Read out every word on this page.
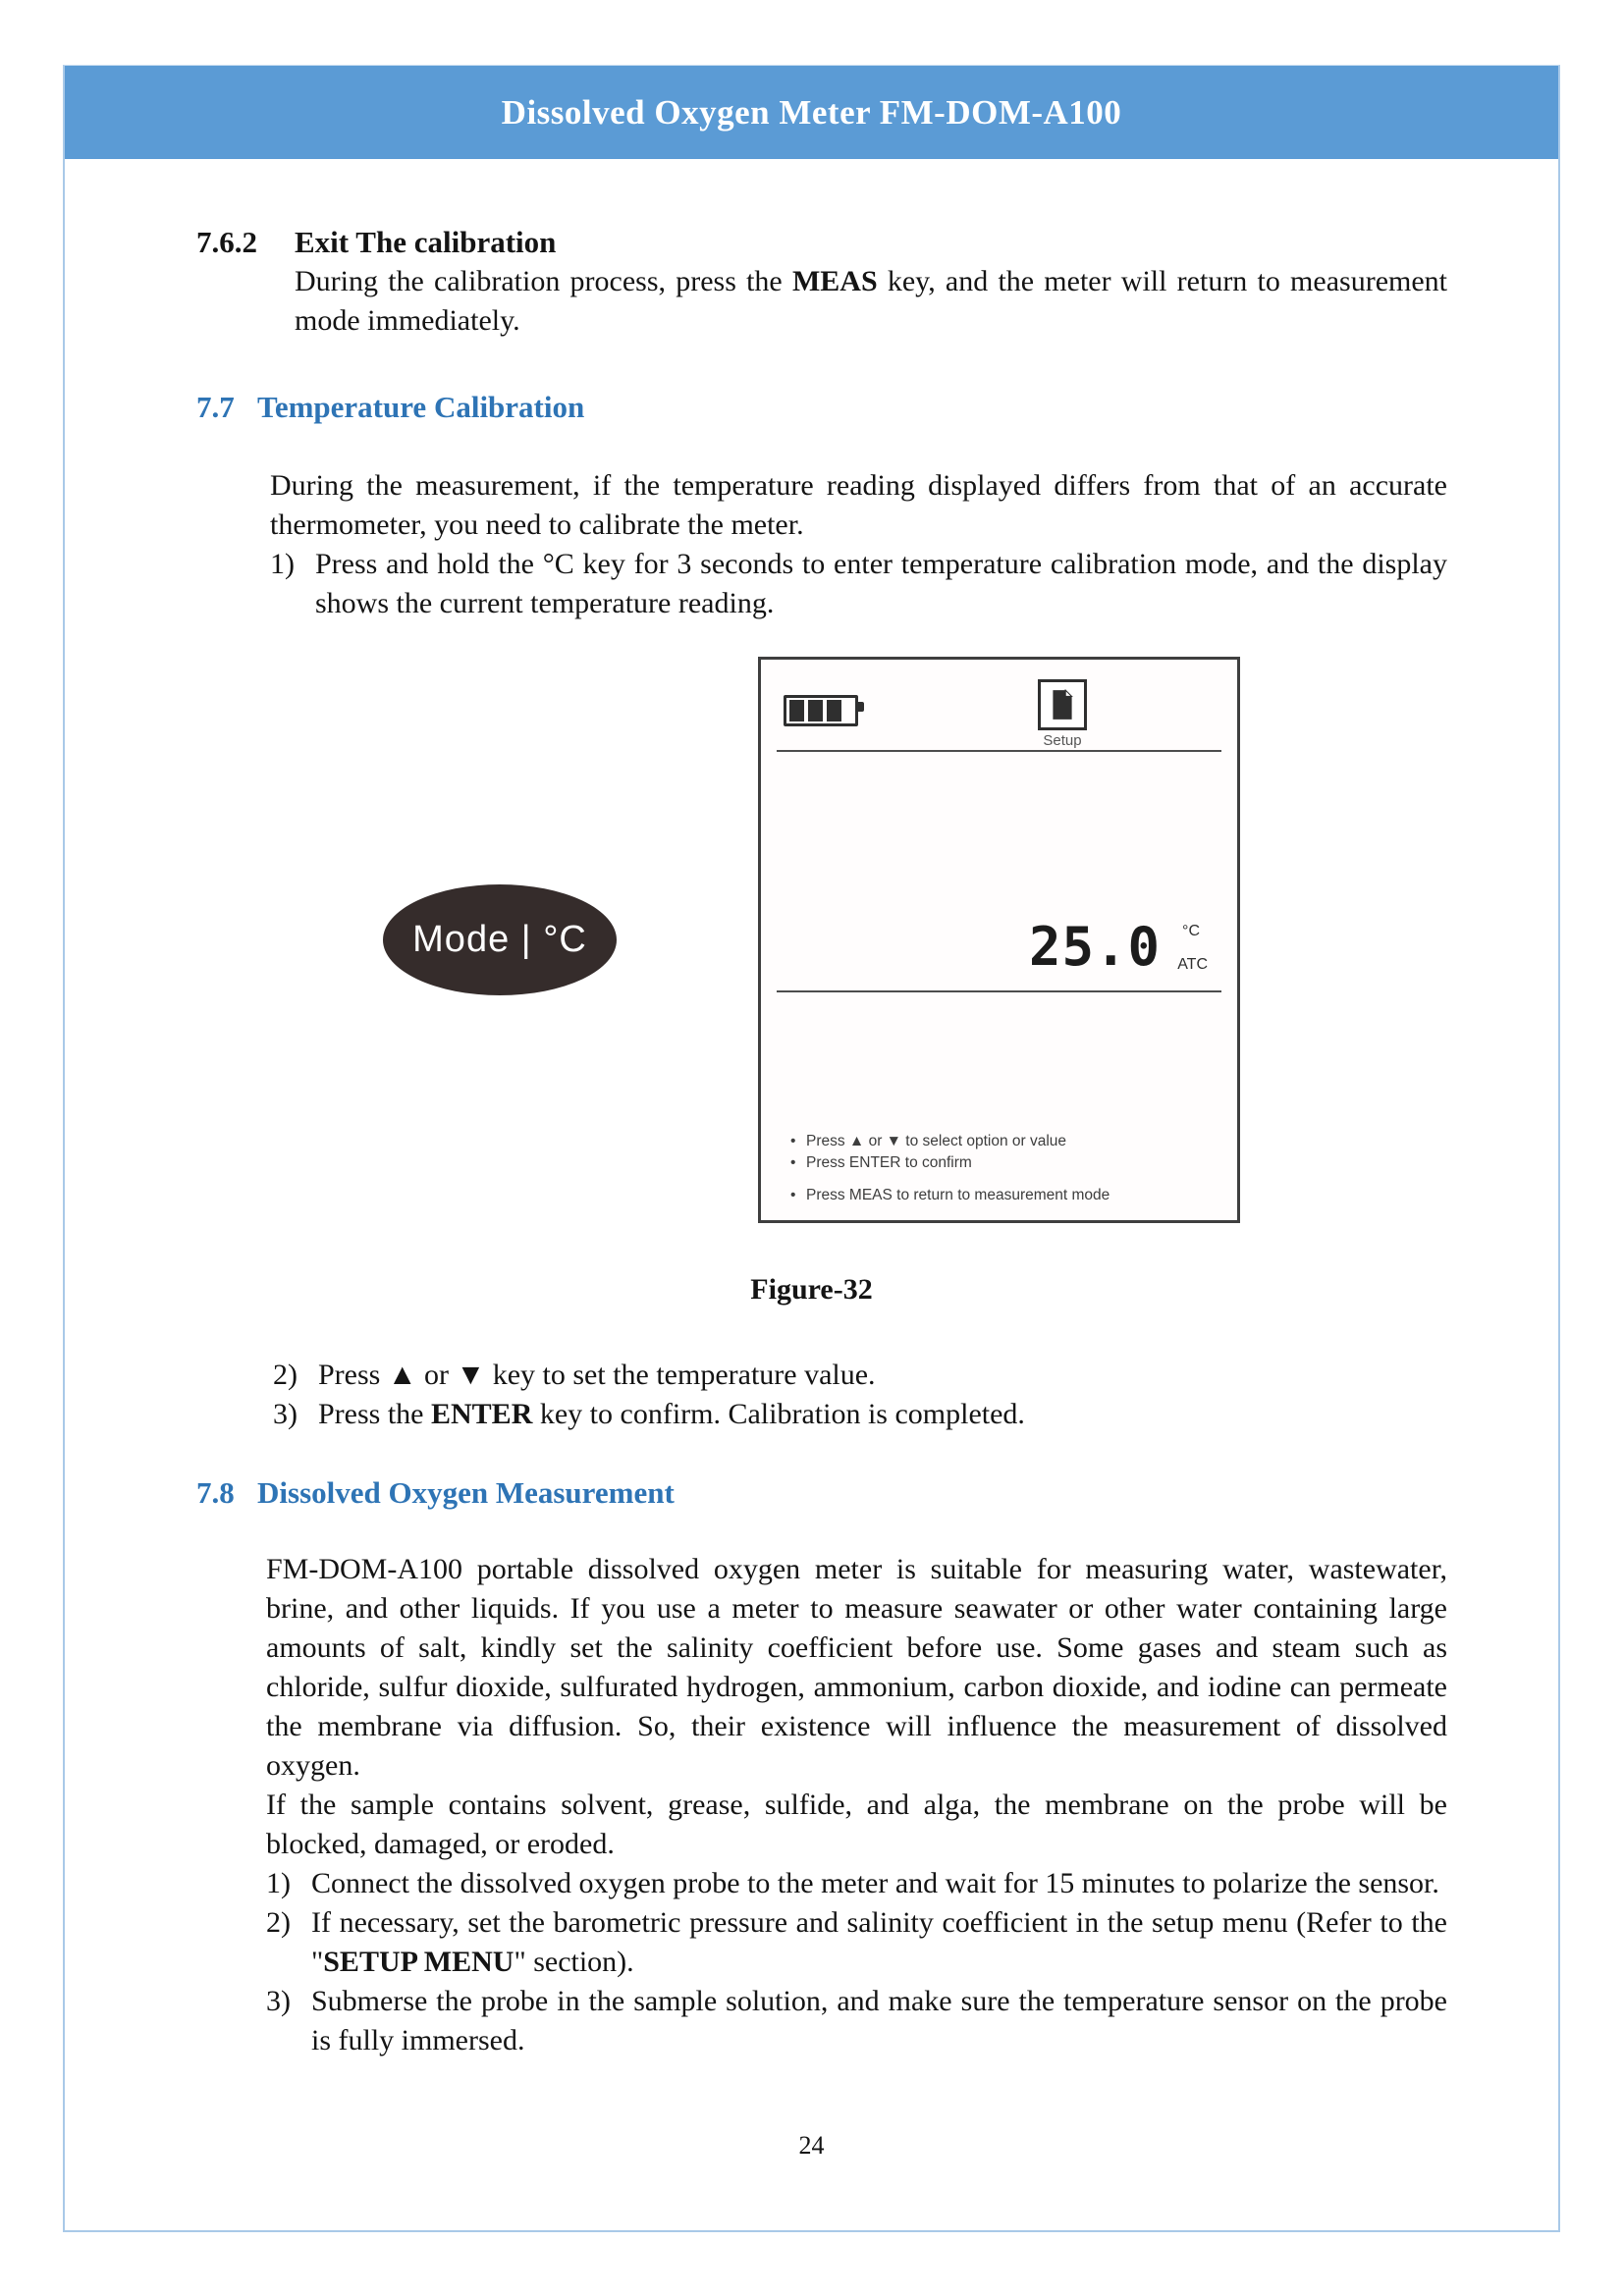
Dissolved Oxygen Meter FM-DOM-A100
7.6.2	Exit The calibration

During the calibration process, press the MEAS key, and the meter will return to measurement mode immediately.

7.7 Temperature Calibration

During the measurement, if the temperature reading displayed differs from that of an accurate thermometer, you need to calibrate the meter.

1) Press and hold the °C key for 3 seconds to enter temperature calibration mode, and the display shows the current temperature reading.
Mode | °C
Setup
25.0 °C
ATC
• Press ▲ or ▼ to select option or value
• Press ENTER to confirm
• Press MEAS to return to measurement mode
Figure-32
2) Press ▲ or ▼ key to set the temperature value.
3) Press the ENTER key to confirm. Calibration is completed.
7.8 Dissolved Oxygen Measurement

FM-DOM-A100 portable dissolved oxygen meter is suitable for measuring water, wastewater, brine, and other liquids. If you use a meter to measure seawater or other water containing large amounts of salt, kindly set the salinity coefficient before use. Some gases and steam such as chloride, sulfur dioxide, sulfurated hydrogen, ammonium, carbon dioxide, and iodine can permeate the membrane via diffusion. So, their existence will influence the measurement of dissolved oxygen.

If the sample contains solvent, grease, sulfide, and alga, the membrane on the probe will be blocked, damaged, or eroded.

1) Connect the dissolved oxygen probe to the meter and wait for 15 minutes to polarize the sensor.
2) If necessary, set the barometric pressure and salinity coefficient in the setup menu (Refer to the "SETUP MENU" section).
3) Submerse the probe in the sample solution, and make sure the temperature sensor on the probe is fully immersed.
24
